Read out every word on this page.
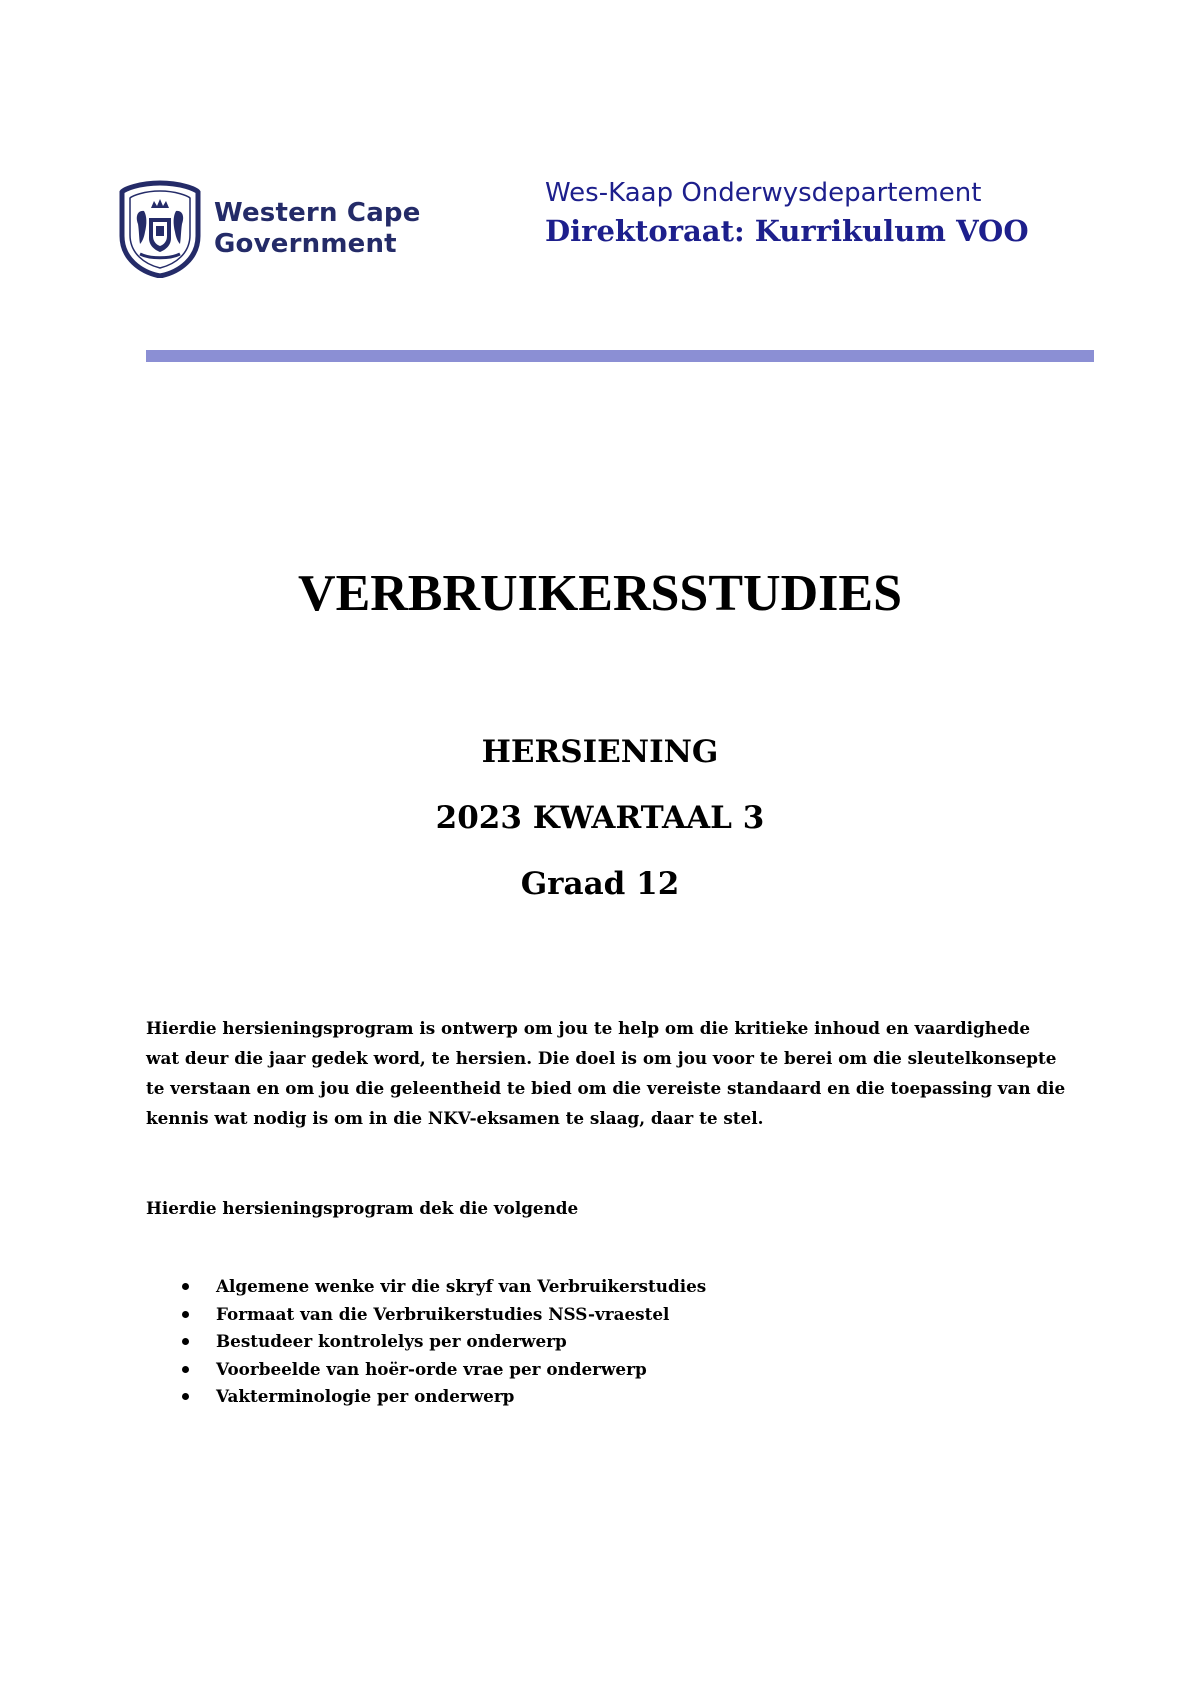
Western Cape
Government
Wes-Kaap Onderwysdepartement
Direktoraat: Kurrikulum VOO
VERBRUIKERSSTUDIES
HERSIENING
2023 KWARTAAL 3
Graad 12

Hierdie hersieningsprogram is ontwerp om jou te help om die kritieke inhoud en vaardighede wat deur die jaar gedek word, te hersien. Die doel is om jou voor te berei om die sleutelkonsepte te verstaan en om jou die geleentheid te bied om die vereiste standaard en die toepassing van die kennis wat nodig is om in die NKV-eksamen te slaag, daar te stel.

Hierdie hersieningsprogram dek die volgende
Algemene wenke vir die skryf van Verbruikerstudies
Formaat van die Verbruikerstudies NSS-vraestel
Bestudeer kontrolelys per onderwerp
Voorbeelde van hoër-orde vrae per onderwerp
Vakterminologie per onderwerp
